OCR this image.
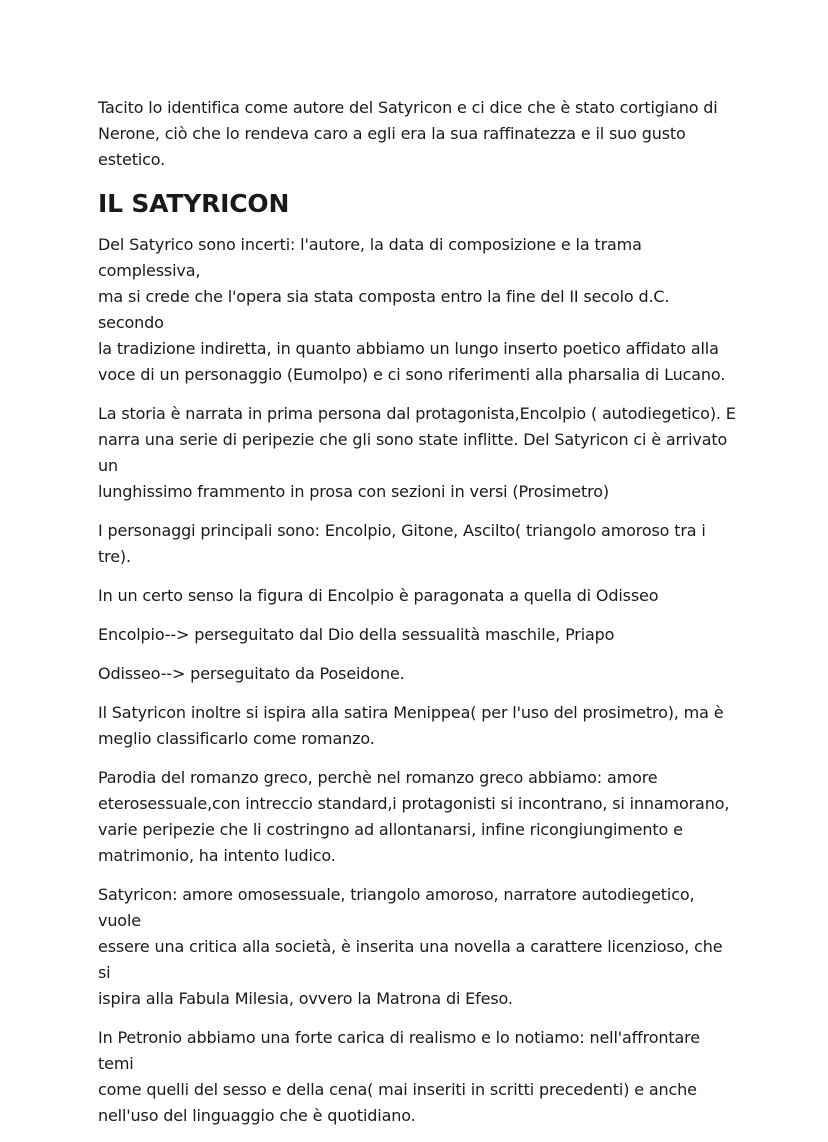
Tacito lo identifica come autore del Satyricon e ci dice che è stato cortigiano di
Nerone, ciò che lo rendeva caro a egli era la sua raffinatezza e il suo gusto
estetico.

IL SATYRICON

Del Satyrico sono incerti: l'autore, la data di composizione e la trama complessiva,
ma si crede che l'opera sia stata composta entro la fine del II secolo d.C. secondo
la tradizione indiretta, in quanto abbiamo un lungo inserto poetico affidato alla
voce di un personaggio (Eumolpo) e ci sono riferimenti alla pharsalia di Lucano.

La storia è narrata in prima persona dal protagonista,Encolpio ( autodiegetico). E
narra una serie di peripezie che gli sono state inflitte. Del Satyricon ci è arrivato un
lunghissimo frammento in prosa con sezioni in versi (Prosimetro)

I personaggi principali sono: Encolpio, Gitone, Ascilto( triangolo amoroso tra i tre).

In un certo senso la figura di Encolpio è paragonata a quella di Odisseo

Encolpio--> perseguitato dal Dio della sessualità maschile, Priapo

Odisseo--> perseguitato da Poseidone.

Il Satyricon inoltre si ispira alla satira Menippea( per l'uso del prosimetro), ma è
meglio classificarlo come romanzo.

Parodia del romanzo greco, perchè nel romanzo greco abbiamo: amore
eterosessuale,con intreccio standard,i protagonisti si incontrano, si innamorano,
varie peripezie che li costringno ad allontanarsi, infine ricongiungimento e
matrimonio, ha intento ludico.

Satyricon: amore omosessuale, triangolo amoroso, narratore autodiegetico, vuole
essere una critica alla società, è inserita una novella a carattere licenzioso, che si
ispira alla Fabula Milesia, ovvero la Matrona di Efeso.

In Petronio abbiamo una forte carica di realismo e lo notiamo: nell'affrontare temi
come quelli del sesso e della cena( mai inseriti in scritti precedenti) e anche
nell'uso del linguaggio che è quotidiano.
